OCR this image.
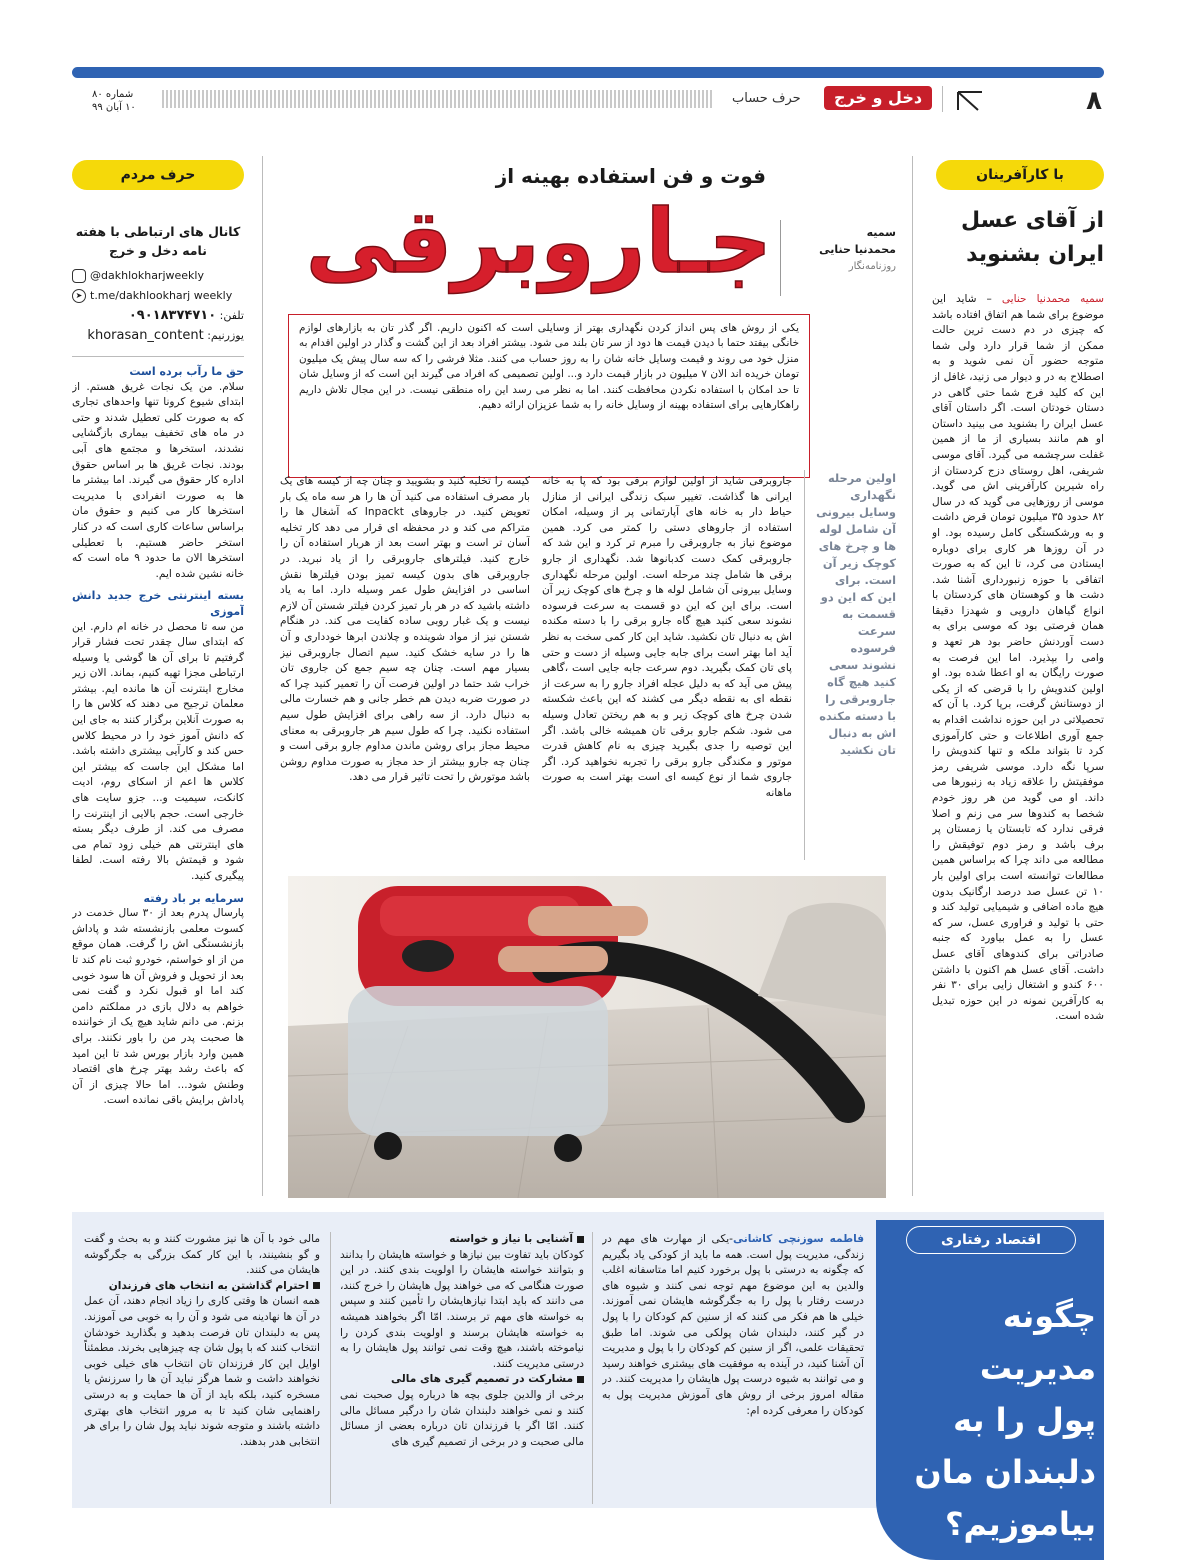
۸
دخل و خرج
حرف حساب
شماره ۸۰
۱۰ آبان ۹۹
با کارآفرینان
از آقای عسل
ایران بشنوید
سمیه محمدنیا حنایی – شاید این موضوع برای شما هم اتفاق افتاده باشد که چیزی در دم دست ترین حالت ممکن از شما قرار دارد ولی شما متوجه حضور آن نمی شوید و به اصطلاح به در و دیوار می زنید، غافل از این که کلید فرج شما حتی گاهی در دستان خودتان است. اگر داستان آقای عسل ایران را بشنوید می بینید داستان او هم مانند بسیاری از ما از همین غفلت سرچشمه می گیرد. آقای موسی شریفی، اهل روستای دزج کردستان از راه شیرین کارآفرینی اش می گوید. موسی از روزهایی می گوید که در سال ۸۲ حدود ۳۵ میلیون تومان قرض داشت و به ورشکستگی کامل رسیده بود. او در آن روزها هر کاری برای دوباره ایستادن می کرد، تا این که به صورت اتفاقی با حوزه زنبورداری آشنا شد. دشت ها و کوهستان های کردستان با انواع گیاهان دارویی و شهدزا دقیقا همان فرصتی بود که موسی برای به دست آوردنش حاضر بود هر تعهد و وامی را بپذیرد. اما این فرصت به صورت رایگان به او اعطا شده بود. او اولین کندویش را با قرضی که از یکی از دوستانش گرفت، برپا کرد. با آن که تحصیلاتی در این حوزه نداشت اقدام به جمع آوری اطلاعات و حتی کارآموزی کرد تا بتواند ملکه و تنها کندویش را سرپا نگه دارد. موسی شریفی رمز موفقیتش را علاقه زیاد به زنبورها می داند. او می گوید من هر روز خودم شخصا به کندوها سر می زنم و اصلا فرقی ندارد که تابستان یا زمستان پر برف باشد و رمز دوم توفیقش را مطالعه می داند چرا که براساس همین مطالعات توانسته است برای اولین بار ۱۰ تن عسل صد درصد ارگانیک بدون هیچ ماده اضافی و شیمیایی تولید کند و حتی با تولید و فراوری عسل، سر که عسل را به عمل بیاورد که جنبه صادراتی برای کندوهای آقای عسل داشت. آقای عسل هم اکنون با داشتن ۶۰۰ کندو و اشتغال زایی برای ۳۰ نفر به کارآفرین نمونه در این حوزه تبدیل شده است.
فوت و فن استفاده بهینه از
جـاروبرقی	سمیه
محمدنیا حنایی
روزنامه‌نگار
یکی از روش های پس انداز کردن نگهداری بهتر از وسایلی است که اکنون داریم. اگر گذر تان به بازارهای لوازم خانگی بیفتد حتما با دیدن قیمت ها دود از سر تان بلند می شود. بیشتر افراد بعد از این گشت و گذار در اولین اقدام به منزل خود می روند و قیمت وسایل خانه شان را به روز حساب می کنند. مثلا فرشی را که سه سال پیش یک میلیون تومان خریده اند الان ۷ میلیون در بازار قیمت دارد و... اولین تصمیمی که افراد می گیرند این است که از وسایل شان تا حد امکان با استفاده نکردن محافظت کنند. اما به نظر می رسد این راه منطقی نیست. در این مجال تلاش داریم راهکارهایی برای استفاده بهینه از وسایل خانه را به شما عزیزان ارائه دهیم.
اولین مرحله نگهداری وسایل بیرونی آن شامل لوله ها و چرخ های کوچک زیر آن است. برای این که این دو قسمت به سرعت فرسوده نشوند سعی کنید هیچ گاه جاروبرقی را با دسته مکنده اش به دنبال تان نکشید
جاروبرقی شاید از اولین لوازم برقی بود که پا به خانه ایرانی ها گذاشت. تغییر سبک زندگی ایرانی از منازل حیاط دار به خانه های آپارتمانی پر از وسیله، امکان استفاده از جاروهای دستی را کمتر می کرد. همین موضوع نیاز به جاروبرقی را مبرم تر کرد و این شد که جاروبرقی کمک دست کدبانوها شد. نگهداری از جارو برقی ها شامل چند مرحله است. اولین مرحله نگهداری وسایل بیرونی آن شامل لوله ها و چرخ های کوچک زیر آن است. برای این که این دو قسمت به سرعت فرسوده نشوند سعی کنید هیچ گاه جارو برقی را با دسته مکنده اش به دنبال تان نکشید. شاید این کار کمی سخت به نظر آید اما بهتر است برای جابه جایی وسیله از دست و حتی پای تان کمک بگیرید. دوم سرعت جابه جایی است ،گاهی پیش می آید که به دلیل عجله افراد جارو را به سرعت از نقطه ای به نقطه دیگر می کشند که این باعث شکسته شدن چرخ های کوچک زیر و به هم ریختن تعادل وسیله می شود. شکم جارو برقی تان همیشه خالی باشد. اگر این توصیه را جدی بگیرید چیزی به نام کاهش قدرت موتور و مکندگی جارو برقی را تجربه نخواهید کرد. اگر جاروی شما از نوع کیسه ای است بهتر است به صورت ماهانه
کیسه را تخلیه کنید و بشویید و چنان چه از کیسه های یک بار مصرف استفاده می کنید آن ها را هر سه ماه یک بار تعویض کنید. در جاروهای Inpackt که آشغال ها را متراکم می کند و در محفظه ای قرار می دهد کار تخلیه آسان تر است و بهتر است بعد از هربار استفاده آن را خارج کنید. فیلترهای جاروبرقی را از یاد نبرید. در جاروبرقی های بدون کیسه تمیز بودن فیلترها نقش اساسی در افزایش طول عمر وسیله دارد. اما به یاد داشته باشید که در هر بار تمیز کردن فیلتر شستن آن لازم نیست و یک غبار روبی ساده کفایت می کند. در هنگام شستن نیز از مواد شوینده و چلاندن ابرها خودداری و آن ها را در سایه خشک کنید. سیم اتصال جاروبرقی نیز بسیار مهم است. چنان چه سیم جمع کن جاروی تان خراب شد حتما در اولین فرصت آن را تعمیر کنید چرا که در صورت ضربه دیدن هم خطر جانی و هم خسارت مالی به دنبال دارد. از سه راهی برای افزایش طول سیم استفاده نکنید. چرا که طول سیم هر جاروبرقی به معنای محیط مجاز برای روشن ماندن مداوم جارو برقی است و چنان چه جارو بیشتر از حد مجاز به صورت مداوم روشن باشد موتورش را تحت تاثیر قرار می دهد.
حرف مردم
کانال های ارتباطی با هفته نامه دخل و خرج
@dakhlokharjweekly
➤ t.me/dakhlookharj weekly
تلفن: ۰۹۰۱۸۳۷۴۷۱۰
یوزرنیم: khorasan_content
حق ما رآب برده است
سلام. من یک نجات غریق هستم. از ابتدای شیوع کرونا تنها واحدهای تجاری که به صورت کلی تعطیل شدند و حتی در ماه های تخفیف بیماری بازگشایی نشدند، استخرها و مجتمع های آبی بودند. نجات غریق ها بر اساس حقوق اداره کار حقوق می گیرند. اما بیشتر ما ها به صورت انفرادی با مدیریت استخرها کار می کنیم و حقوق مان براساس ساعات کاری است که در کنار استخر حاضر هستیم. با تعطیلی استخرها الان ما حدود ۹ ماه است که خانه نشین شده ایم.
بسته اینترنتی خرج جدید دانش آموزی
من سه تا محصل در خانه ام دارم. این که ابتدای سال چقدر تحت فشار قرار گرفتیم تا برای آن ها گوشی یا وسیله ارتباطی مجزا تهیه کنیم، بماند. الان زیر مخارج اینترنت آن ها مانده ایم. بیشتر معلمان ترجیح می دهند که کلاس ها را به صورت آنلاین برگزار کنند به جای این که دانش آموز خود را در محیط کلاس حس کند و کارآیی بیشتری داشته باشد. اما مشکل این جاست که بیشتر این کلاس ها اعم از اسکای روم، ادیت کانکت، سیمیت و... جزو سایت های خارجی است. حجم بالایی از اینترنت را مصرف می کند. از طرف دیگر بسته های اینترنتی هم خیلی زود تمام می شود و قیمتش بالا رفته است. لطفا پیگیری کنید.
سرمایه بر باد رفته
پارسال پدرم بعد از ۳۰ سال خدمت در کسوت معلمی بازنشسته شد و پاداش بازنشستگی اش را گرفت. همان موقع من از او خواستم، خودرو ثبت نام کند تا بعد از تحویل و فروش آن ها سود خوبی کند اما او قبول نکرد و گفت نمی خواهم به دلال بازی در مملکتم دامن بزنم. می دانم شاید هیچ یک از خواننده ها صحبت پدر من را باور نکنند. برای همین وارد بازار بورس شد تا این امید که باعث رشد بهتر چرخ های اقتصاد وطنش شود... اما حالا چیزی از آن پاداش برایش باقی نمانده است.
اقتصاد رفتاری
چگونه مدیریت
پول را به
دلبندان مان
بیاموزیم؟
فاطمه سوزنچی کاشانی-یکی از مهارت های مهم در زندگی، مدیریت پول است. همه ما باید از کودکی یاد بگیریم که چگونه به درستی با پول برخورد کنیم اما متاسفانه اغلب والدین به این موضوع مهم توجه نمی کنند و شیوه های درست رفتار با پول را به جگرگوشه هایشان نمی آموزند. خیلی ها هم فکر می کنند که از سنین کم کودکان را با پول در گیر کنند، دلبندان شان پولکی می شوند. اما طبق تحقیقات علمی، اگر از سنین کم کودکان را با پول و مدیریت آن آشنا کنید، در آینده به موفقیت های بیشتری خواهند رسید و می توانند به شیوه درست پول هایشان را مدیریت کنند. در مقاله امروز برخی از روش های آموزش مدیریت پول به کودکان را معرفی کرده ام:
آشنایی با نیاز و خواسته
کودکان باید تفاوت بین نیازها و خواسته هایشان را بدانند و بتوانند خواسته هایشان را اولویت بندی کنند. در این صورت هنگامی که می خواهند پول هایشان را خرج کنند، می دانند که باید ابتدا نیازهایشان را تأمین کنند و سپس به خواسته های مهم تر برسند. امّا اگر بخواهند همیشه به خواسته هایشان برسند و اولویت بندی کردن را نیاموخته باشند، هیچ وقت نمی توانند پول هایشان را به درستی مدیریت کنند.
مشارکت در تصمیم گیری های مالی
برخی از والدین جلوی بچه ها درباره پول صحبت نمی کنند و نمی خواهند دلبندان شان را درگیر مسائل مالی کنند. امّا اگر با فرزندان تان درباره بعضی از مسائل مالی صحبت و در برخی از تصمیم گیری های
مالی خود با آن ها نیز مشورت کنند و به بحث و گفت و گو بنشینند، با این کار کمک بزرگی به جگرگوشه هایشان می کنند.
احترام گذاشتن به انتخاب های فرزندان
همه انسان ها وقتی کاری را زیاد انجام دهند، آن عمل در آن ها نهادینه می شود و آن را به خوبی می آموزند. پس به دلبندان تان فرصت بدهید و بگذارید خودشان انتخاب کنند که با پول شان چه چیزهایی بخرند. مطمئناً اوایل این کار فرزندان تان انتخاب های خیلی خوبی نخواهند داشت و شما هرگز نباید آن ها را سرزنش یا مسخره کنید، بلکه باید از آن ها حمایت و به درستی راهنمایی شان کنید تا به مرور انتخاب های بهتری داشته باشند و متوجه شوند نباید پول شان را برای هر انتخابی هدر بدهند.
